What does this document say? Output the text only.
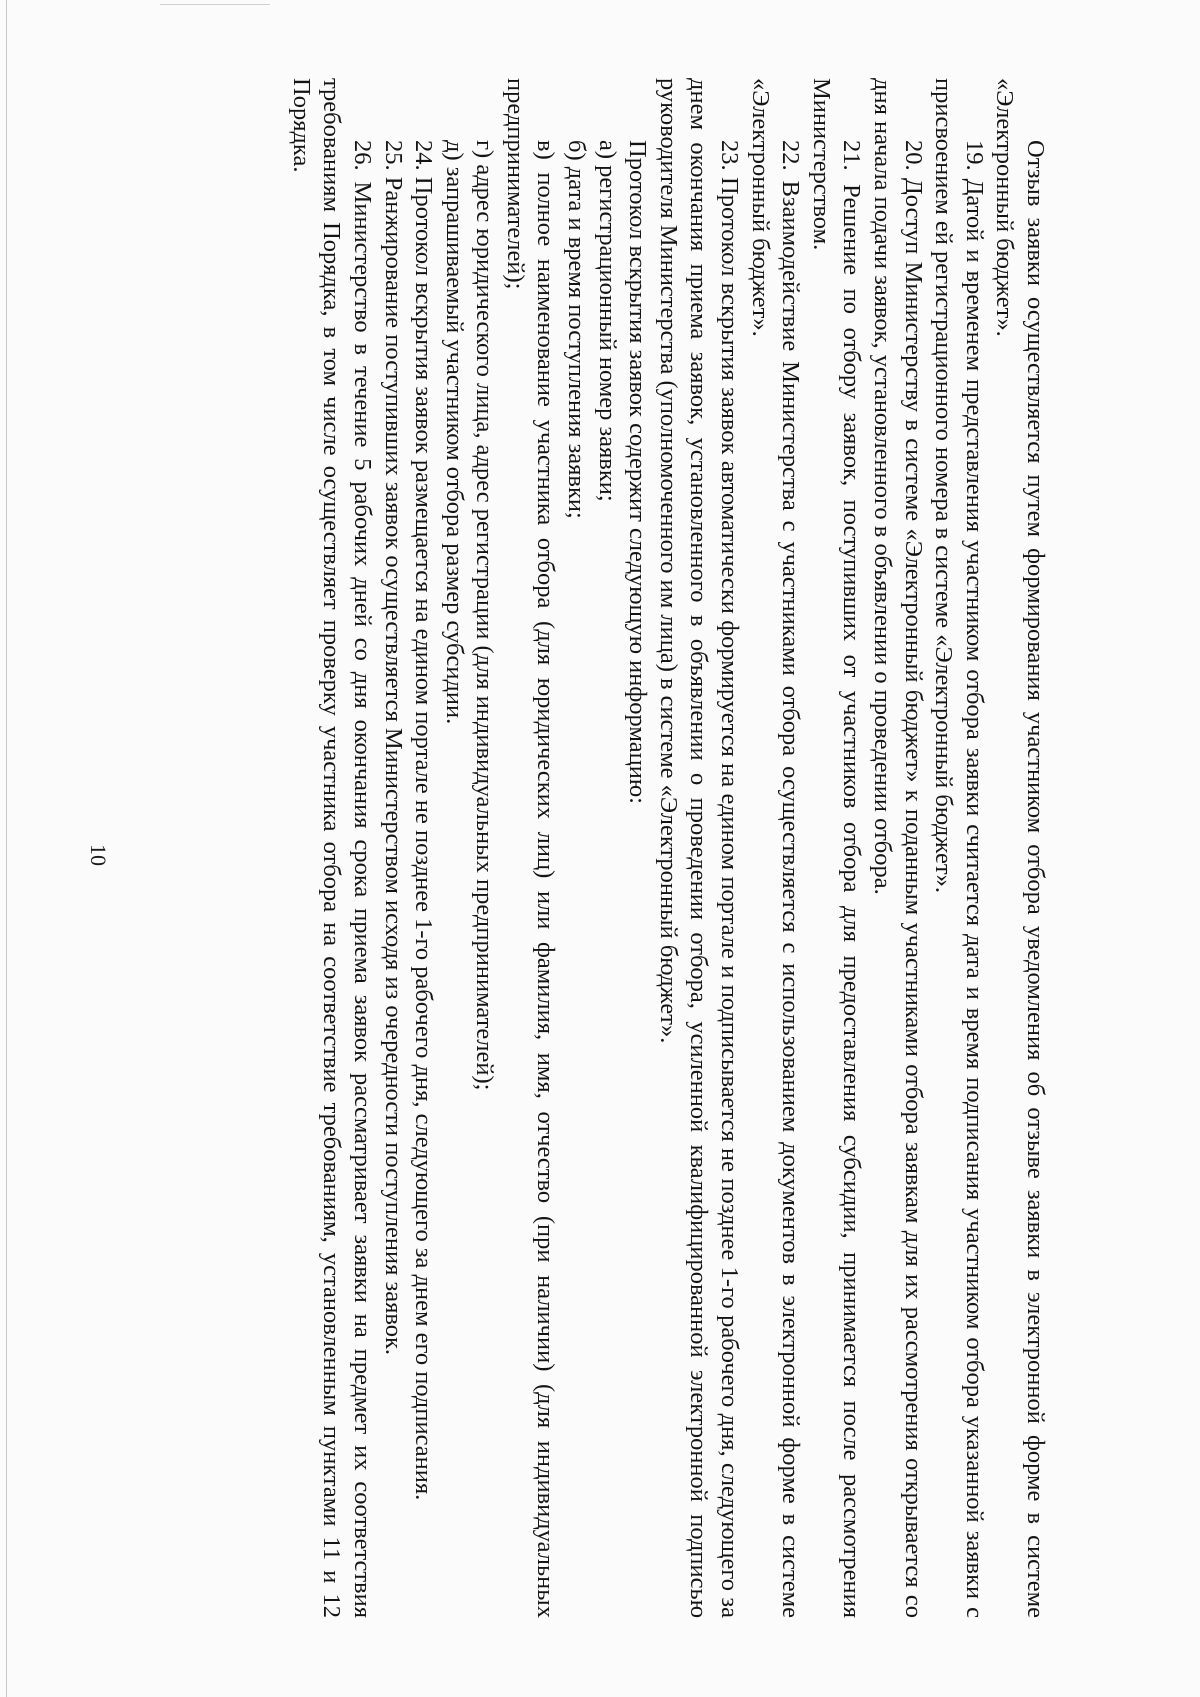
10	Отзыв заявки осуществляется путем формирования участником отбора уведомления об отзыве заявки в электронной форме в системе «Электронный бюджет».

19. Датой и временем представления участником отбора заявки считается дата и время подписания участником отбора указанной заявки с присвоением ей регистрационного номера в системе «Электронный бюджет».

20. Доступ Министерству в системе «Электронный бюджет» к поданным участниками отбора заявкам для их рассмотрения открывается со дня начала подачи заявок, установленного в объявлении о проведении отбора.

21. Решение по отбору заявок, поступивших от участников отбора для предоставления субсидии, принимается после рассмотрения Министерством.

22. Взаимодействие Министерства с участниками отбора осуществляется с использованием документов в электронной форме в системе «Электронный бюджет».

23. Протокол вскрытия заявок автоматически формируется на едином портале и подписывается не позднее 1-го рабочего дня, следующего за днем окончания приема заявок, установленного в объявлении о проведении отбора, усиленной квалифицированной электронной подписью руководителя Министерства (уполномоченного им лица) в системе «Электронный бюджет».

Протокол вскрытия заявок содержит следующую информацию:

а) регистрационный номер заявки;

б) дата и время поступления заявки;

в) полное наименование участника отбора (для юридических лиц) или фамилия, имя, отчество (при наличии) (для индивидуальных предпринимателей);

г) адрес юридического лица, адрес регистрации (для индивидуальных предпринимателей);

д) запрашиваемый участником отбора размер субсидии.

24. Протокол вскрытия заявок размещается на едином портале не позднее 1-го рабочего дня, следующего за днем его подписания.

25. Ранжирование поступивших заявок осуществляется Министерством исходя из очередности поступления заявок.

26. Министерство в течение 5 рабочих дней со дня окончания срока приема заявок рассматривает заявки на предмет их соответствия требованиям Порядка, в том числе осуществляет проверку участника отбора на соответствие требованиям, установленным пунктами 11 и 12 Порядка.
